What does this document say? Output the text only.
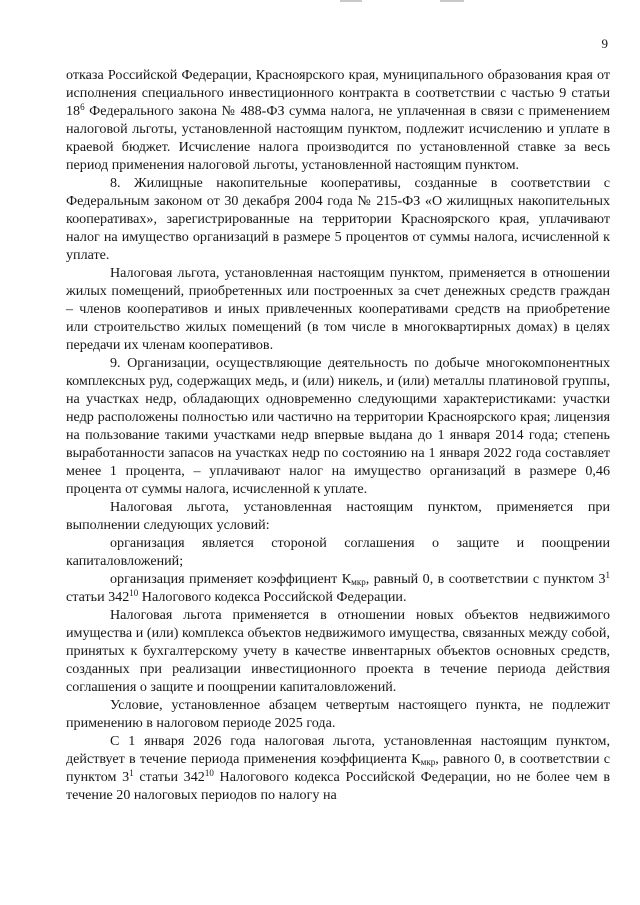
9

отказа Российской Федерации, Красноярского края, муниципального образования края от исполнения специального инвестиционного контракта в соответствии с частью 9 статьи $18^6$ Федерального закона № 488-ФЗ сумма налога, не уплаченная в связи с применением налоговой льготы, установленной настоящим пунктом, подлежит исчислению и уплате в краевой бюджет. Исчисление налога производится по установленной ставке за весь период применения налоговой льготы, установленной настоящим пунктом.

8. Жилищные накопительные кооперативы, созданные в соответствии с Федеральным законом от 30 декабря 2004 года № 215-ФЗ «О жилищных накопительных кооперативах», зарегистрированные на территории Красноярского края, уплачивают налог на имущество организаций в размере 5 процентов от суммы налога, исчисленной к уплате.

Налоговая льгота, установленная настоящим пунктом, применяется в отношении жилых помещений, приобретенных или построенных за счет денежных средств граждан – членов кооперативов и иных привлеченных кооперативами средств на приобретение или строительство жилых помещений (в том числе в многоквартирных домах) в целях передачи их членам кооперативов.

9. Организации, осуществляющие деятельность по добыче многокомпонентных комплексных руд, содержащих медь, и (или) никель, и (или) металлы платиновой группы, на участках недр, обладающих одновременно следующими характеристиками: участки недр расположены полностью или частично на территории Красноярского края; лицензия на пользование такими участками недр впервые выдана до 1 января 2014 года; степень выработанности запасов на участках недр по состоянию на 1 января 2022 года составляет менее 1 процента, – уплачивают налог на имущество организаций в размере 0,46 процента от суммы налога, исчисленной к уплате.

Налоговая льгота, установленная настоящим пунктом, применяется при выполнении следующих условий:

организация является стороной соглашения о защите и поощрении капиталовложений;

организация применяет коэффициент $К_{мкр}$, равный 0, в соответствии с пунктом $3^1$ статьи $342^{10}$ Налогового кодекса Российской Федерации.

Налоговая льгота применяется в отношении новых объектов недвижимого имущества и (или) комплекса объектов недвижимого имущества, связанных между собой, принятых к бухгалтерскому учету в качестве инвентарных объектов основных средств, созданных при реализации инвестиционного проекта в течение периода действия соглашения о защите и поощрении капиталовложений.

Условие, установленное абзацем четвертым настоящего пункта, не подлежит применению в налоговом периоде 2025 года.

С 1 января 2026 года налоговая льгота, установленная настоящим пунктом, действует в течение периода применения коэффициента $К_{мкр}$, равного 0, в соответствии с пунктом $3^1$ статьи $342^{10}$ Налогового кодекса Российской Федерации, но не более чем в течение 20 налоговых периодов по налогу на
